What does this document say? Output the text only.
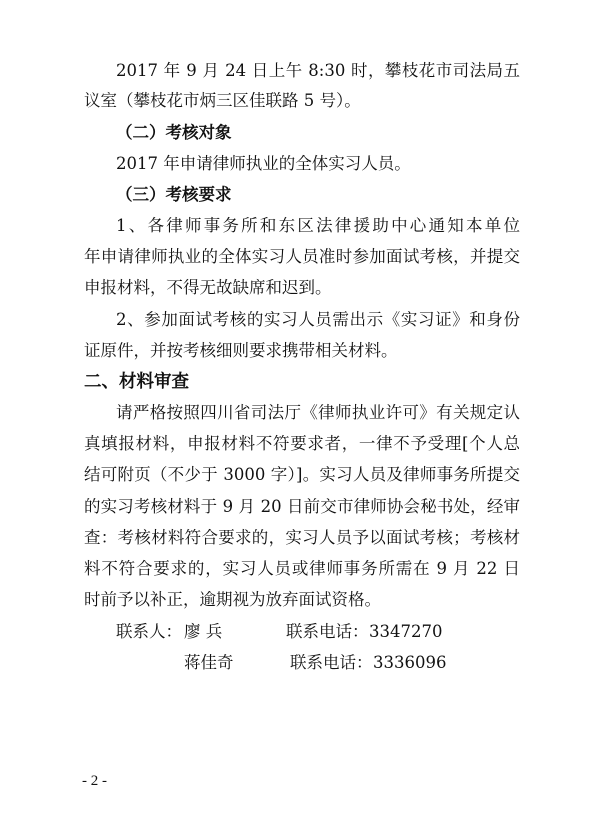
2017 年 9 月 24 日上午 8:30 时，攀枝花市司法局五
议室（攀枝花市炳三区佳联路 5 号）。
（二）考核对象
2017 年申请律师执业的全体实习人员。
（三）考核要求
1、各律师事务所和东区法律援助中心通知本单位
年申请律师执业的全体实习人员准时参加面试考核，并提交
申报材料，不得无故缺席和迟到。
2、参加面试考核的实习人员需出示《实习证》和身份
证原件，并按考核细则要求携带相关材料。
二、材料审查
请严格按照四川省司法厅《律师执业许可》有关规定认
真填报材料，申报材料不符要求者，一律不予受理[个人总
结可附页（不少于 3000 字）]。实习人员及律师事务所提交
的实习考核材料于 9 月 20 日前交市律师协会秘书处，经审
查：考核材料符合要求的，实习人员予以面试考核；考核材
料不符合要求的，实习人员或律师事务所需在 9 月 22 日
时前予以补正，逾期视为放弃面试资格。
联系人： 廖 兵	联系电话： 3347270
蒋佳奇	联系电话： 3336096
- 2 -
